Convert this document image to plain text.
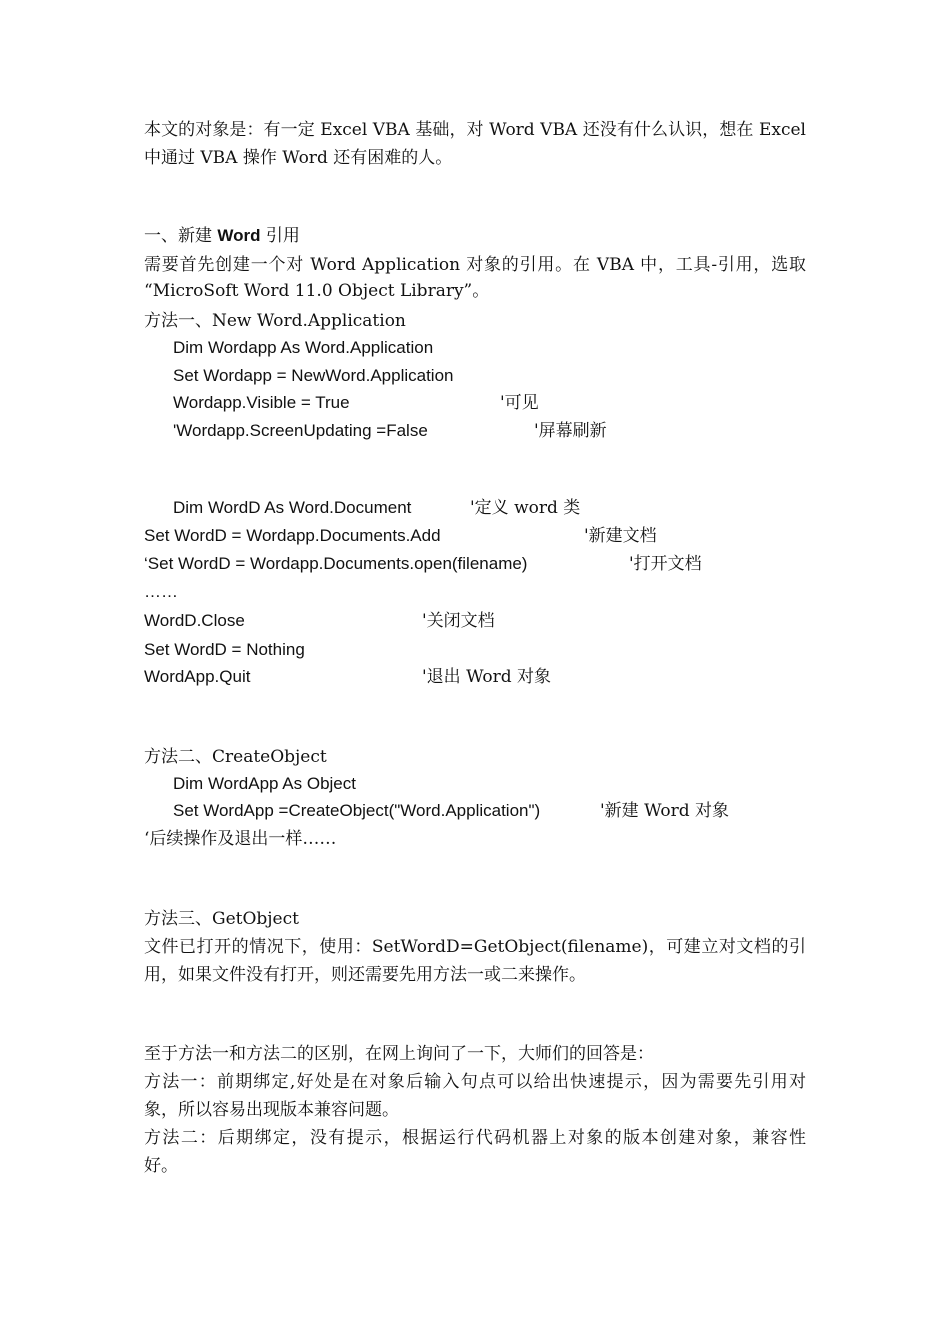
本文的对象是：有一定 Excel VBA 基础，对 Word VBA 还没有什么认识，想在 Excel
中通过 VBA 操作 Word 还有困难的人。
一、新建 Word 引用
需要首先创建一个对 Word Application 对象的引用。在 VBA 中，工具-引用，选取
“MicroSoft Word 11.0 Object Library”。
方法一、New Word.Application
Dim Wordapp As Word.Application
Set Wordapp = NewWord.Application
Wordapp.Visible = True	'可见
'Wordapp.ScreenUpdating =False	'屏幕刷新
Dim WordD As Word.Document	'定义 word 类
Set WordD = Wordapp.Documents.Add	'新建文档
‘Set WordD = Wordapp.Documents.open(filename)	'打开文档
……
WordD.Close	'关闭文档
Set WordD = Nothing
WordApp.Quit	'退出 Word 对象
方法二、CreateObject
Dim WordApp As Object
Set WordApp =CreateObject("Word.Application")	'新建 Word 对象
‘后续操作及退出一样……
方法三、GetObject
文件已打开的情况下，使用：SetWordD=GetObject(filename)，可建立对文档的引
用，如果文件没有打开，则还需要先用方法一或二来操作。
至于方法一和方法二的区别，在网上询问了一下，大师们的回答是：
方法一：前期绑定,好处是在对象后输入句点可以给出快速提示，因为需要先引用对
象，所以容易出现版本兼容问题。
方法二：后期绑定，没有提示，根据运行代码机器上对象的版本创建对象，兼容性
好。
